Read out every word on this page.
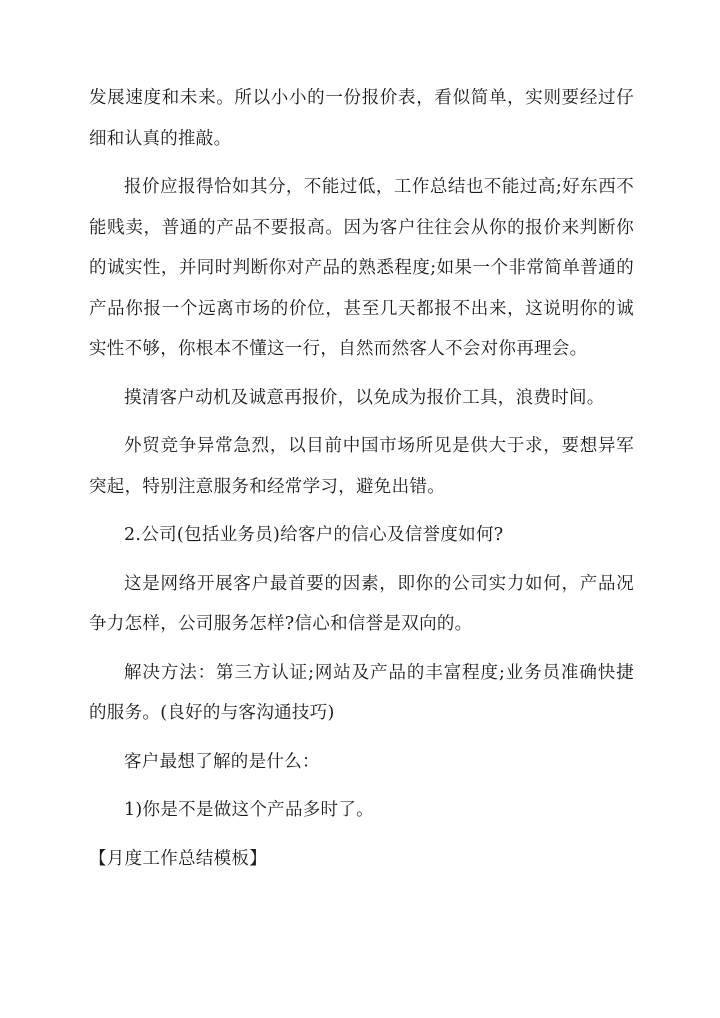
发展速度和未来。所以小小的一份报价表，看似简单，实则要经过仔细和认真的推敲。

报价应报得恰如其分，不能过低，工作总结也不能过高;好东西不能贱卖，普通的产品不要报高。因为客户往往会从你的报价来判断你的诚实性，并同时判断你对产品的熟悉程度;如果一个非常简单普通的产品你报一个远离市场的价位，甚至几天都报不出来，这说明你的诚实性不够，你根本不懂这一行，自然而然客人不会对你再理会。

摸清客户动机及诚意再报价，以免成为报价工具，浪费时间。

外贸竞争异常急烈，以目前中国市场所见是供大于求，要想异军突起，特别注意服务和经常学习，避免出错。

2.公司(包括业务员)给客户的信心及信誉度如何?

这是网络开展客户最首要的因素，即你的公司实力如何，产品况争力怎样，公司服务怎样?信心和信誉是双向的。

解决方法：第三方认证;网站及产品的丰富程度;业务员准确快捷的服务。(良好的与客沟通技巧)

客户最想了解的是什么：

1)你是不是做这个产品多时了。

【月度工作总结模板】
